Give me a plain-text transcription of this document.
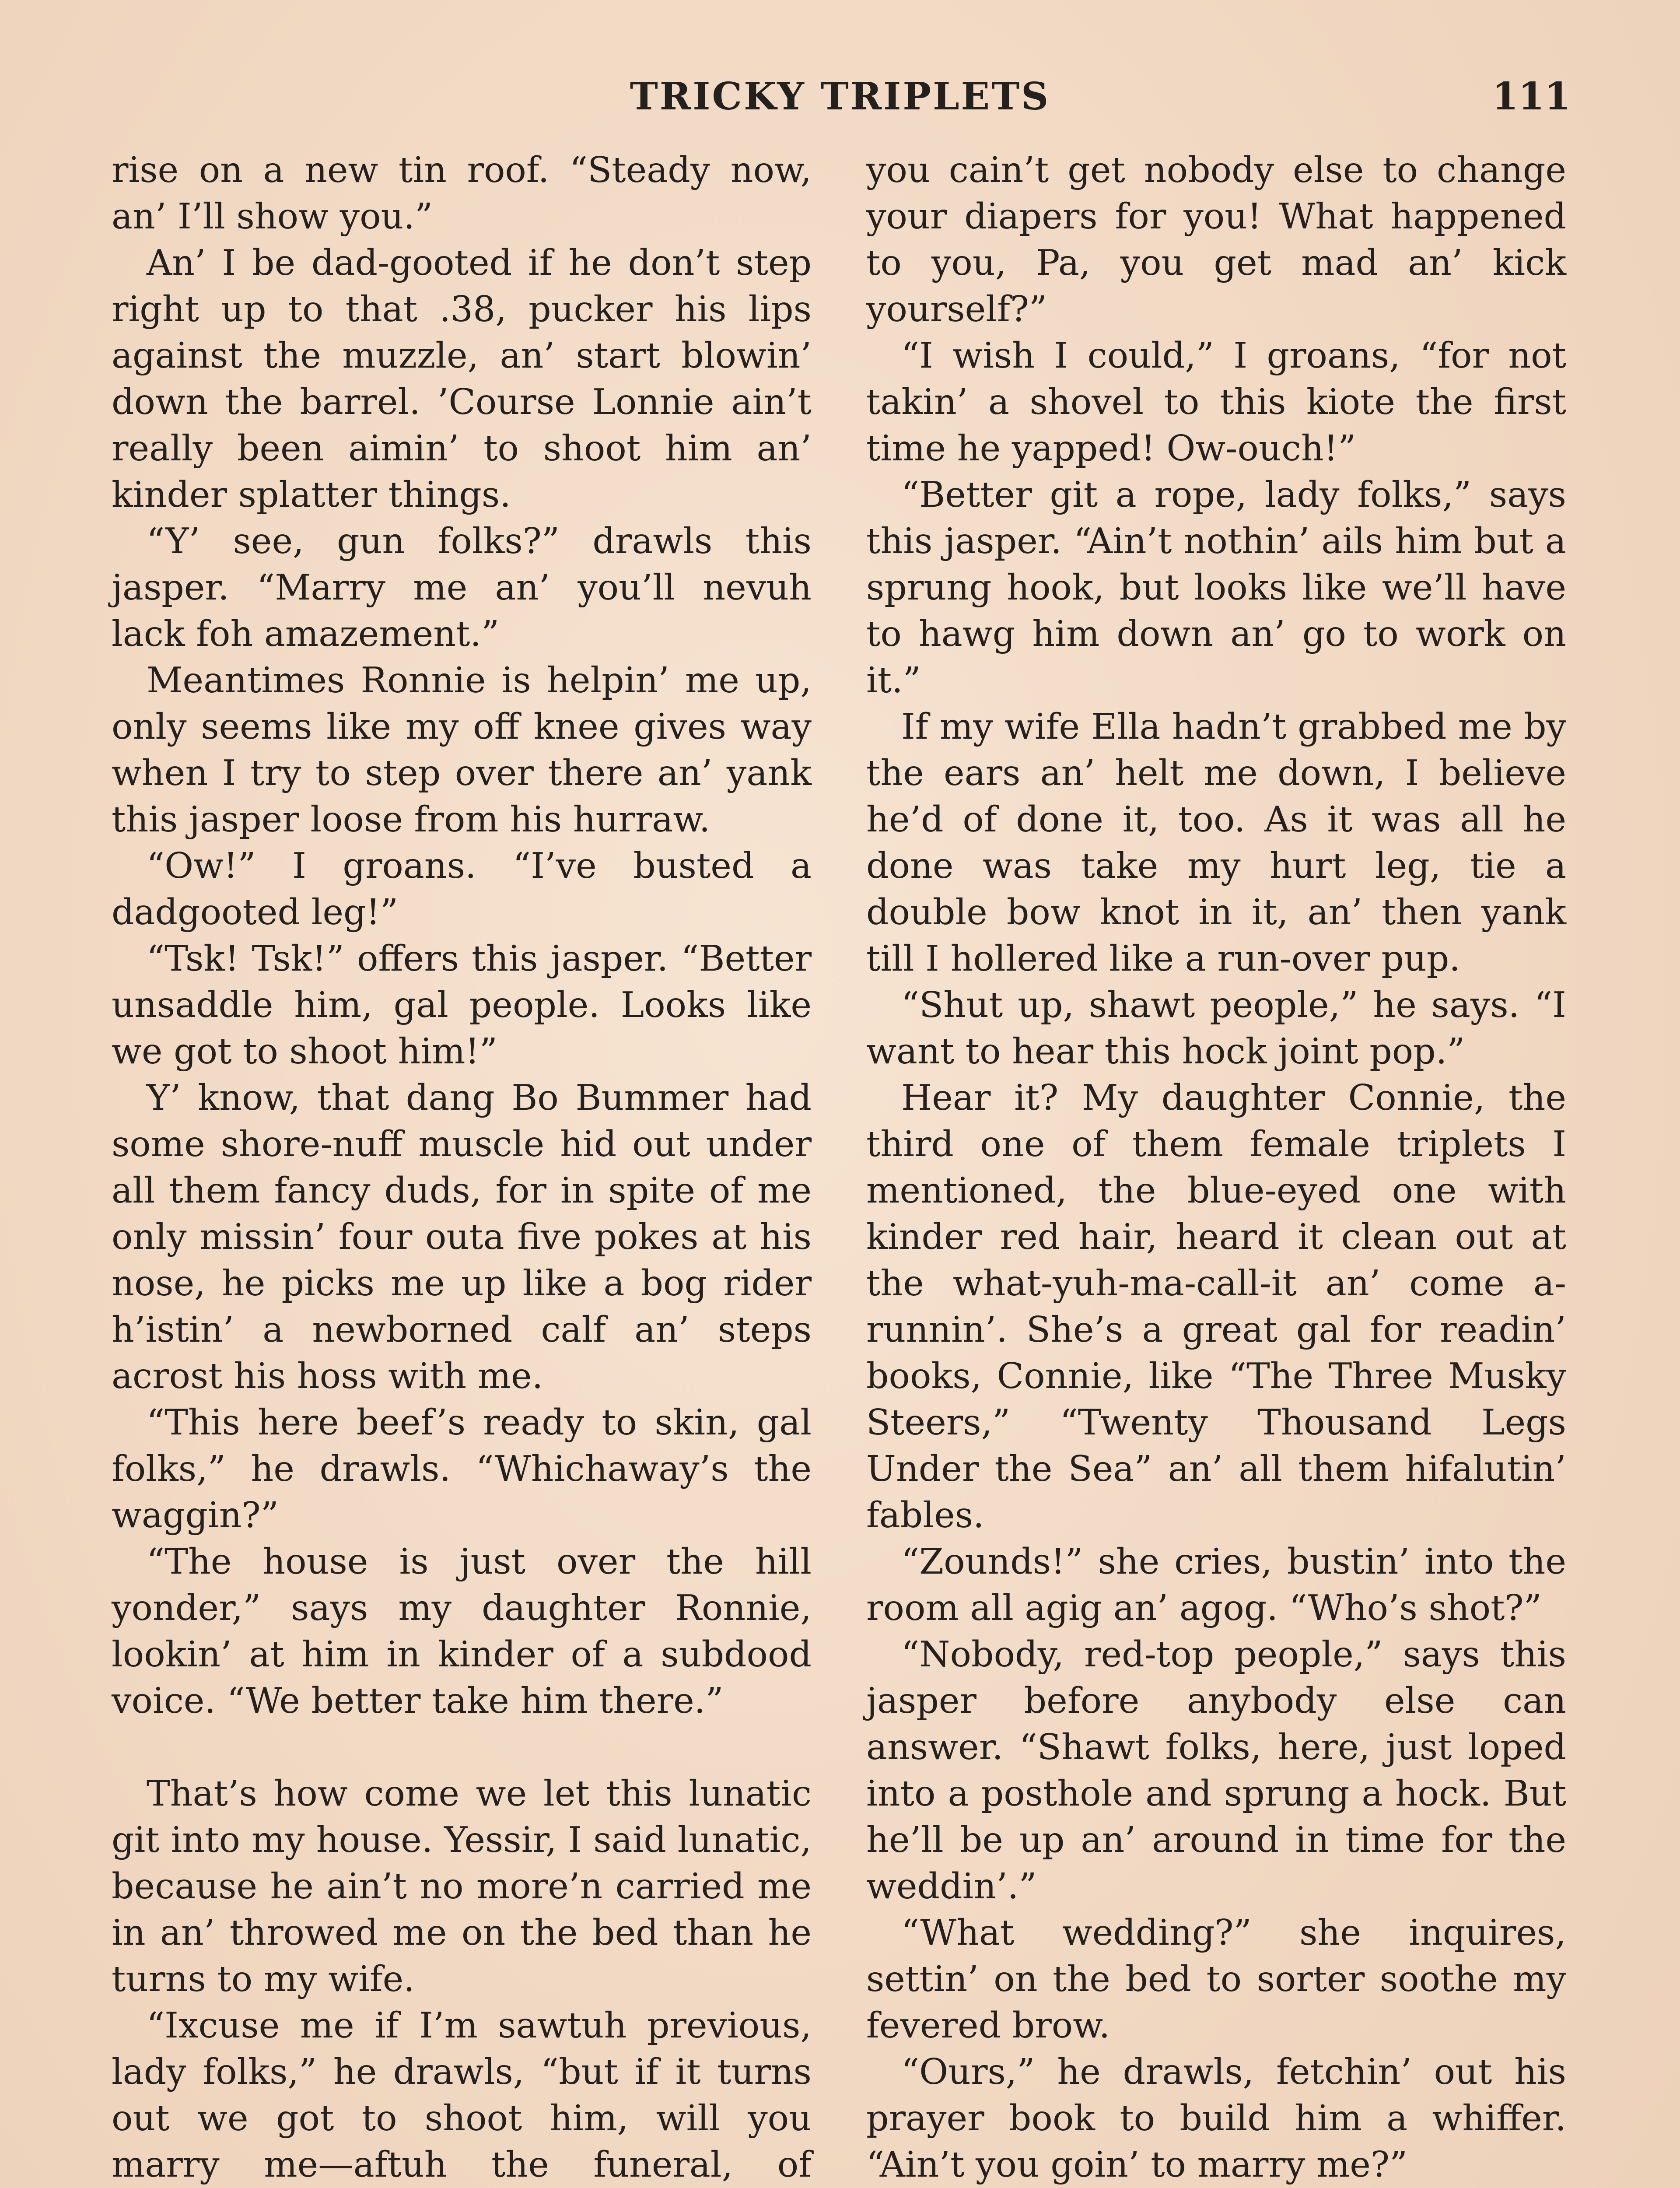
TRICKY TRIPLETS	111

rise on a new tin roof. “Steady now, an’ I’ll show you.”

An’ I be dad-gooted if he don’t step right up to that .38, pucker his lips against the muzzle, an’ start blowin’ down the barrel. ’Course Lonnie ain’t really been aimin’ to shoot him an’ kinder splatter things.

“Y’ see, gun folks?” drawls this jasper. “Marry me an’ you’ll nevuh lack foh amazement.”

Meantimes Ronnie is helpin’ me up, only seems like my off knee gives way when I try to step over there an’ yank this jasper loose from his hurraw.

“Ow!” I groans. “I’ve busted a dadgooted leg!”

“Tsk! Tsk!” offers this jasper. “Better unsaddle him, gal people. Looks like we got to shoot him!”

Y’ know, that dang Bo Bummer had some shore-nuff muscle hid out under all them fancy duds, for in spite of me only missin’ four outa five pokes at his nose, he picks me up like a bog rider h’istin’ a newborned calf an’ steps acrost his hoss with me.

“This here beef’s ready to skin, gal folks,” he drawls. “Whichaway’s the waggin?”

“The house is just over the hill yonder,” says my daughter Ronnie, lookin’ at him in kinder of a subdood voice. “We better take him there.”

That’s how come we let this lunatic git into my house. Yessir, I said lunatic, because he ain’t no more’n carried me in an’ throwed me on the bed than he turns to my wife.

“Ixcuse me if I’m sawtuh previous, lady folks,” he drawls, “but if it turns out we got to shoot him, will you marry me—aftuh the funeral, of

you cain’t get nobody else to change your diapers for you! What happened to you, Pa, you get mad an’ kick yourself?”

“I wish I could,” I groans, “for not takin’ a shovel to this kiote the first time he yapped! Ow-ouch!”

“Better git a rope, lady folks,” says this jasper. “Ain’t nothin’ ails him but a sprung hook, but looks like we’ll have to hawg him down an’ go to work on it.”

If my wife Ella hadn’t grabbed me by the ears an’ helt me down, I believe he’d of done it, too. As it was all he done was take my hurt leg, tie a double bow knot in it, an’ then yank till I hollered like a run-over pup.

“Shut up, shawt people,” he says. “I want to hear this hock joint pop.”

Hear it? My daughter Connie, the third one of them female triplets I mentioned, the blue-eyed one with kinder red hair, heard it clean out at the what-yuh-ma-call-it an’ come a-runnin’. She’s a great gal for readin’ books, Connie, like “The Three Musky Steers,” “Twenty Thousand Legs Under the Sea” an’ all them hifalutin’ fables.

“Zounds!” she cries, bustin’ into the room all agig an’ agog. “Who’s shot?”

“Nobody, red-top people,” says this jasper before anybody else can answer. “Shawt folks, here, just loped into a posthole and sprung a hock. But he’ll be up an’ around in time for the weddin’.”

“What wedding?” she inquires, settin’ on the bed to sorter soothe my fevered brow.

“Ours,” he drawls, fetchin’ out his prayer book to build him a whiffer. “Ain’t you goin’ to marry me?”
